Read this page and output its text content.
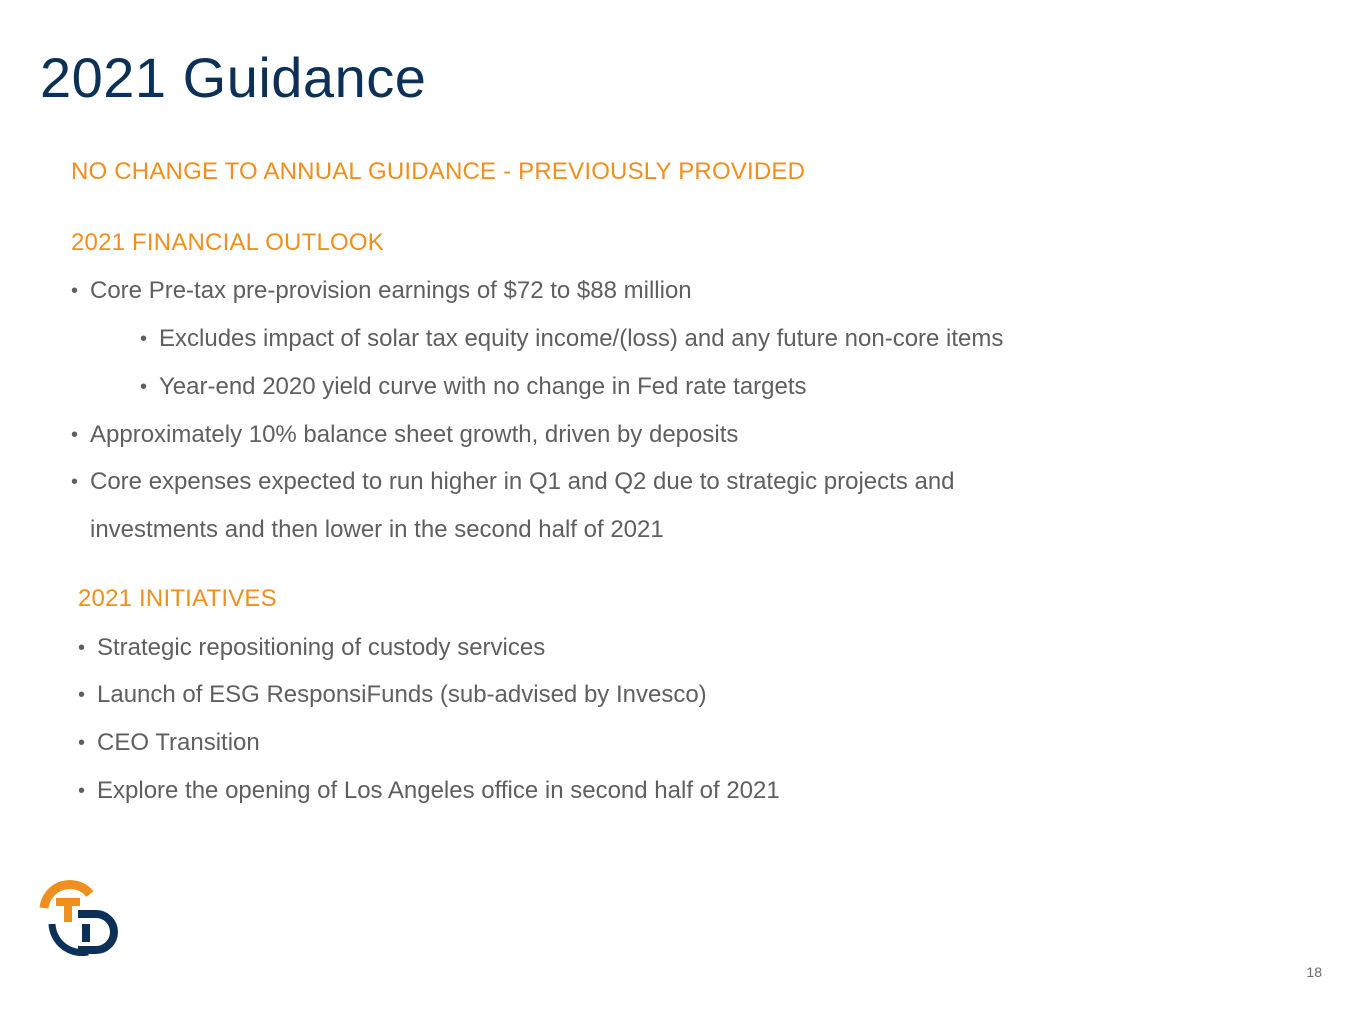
2021 Guidance

NO CHANGE TO ANNUAL GUIDANCE - PREVIOUSLY PROVIDED

2021 FINANCIAL OUTLOOK

• Core Pre-tax pre-provision earnings of $72 to $88 million

• Excludes impact of solar tax equity income/(loss) and any future non-core items

• Year-end 2020 yield curve with no change in Fed rate targets

• Approximately 10% balance sheet growth, driven by deposits

• Core expenses expected to run higher in Q1 and Q2 due to strategic projects and

investments and then lower in the second half of 2021

2021 INITIATIVES

• Strategic repositioning of custody services

• Launch of ESG ResponsiFunds (sub-advised by Invesco)

• CEO Transition

• Explore the opening of Los Angeles office in second half of 2021

18
